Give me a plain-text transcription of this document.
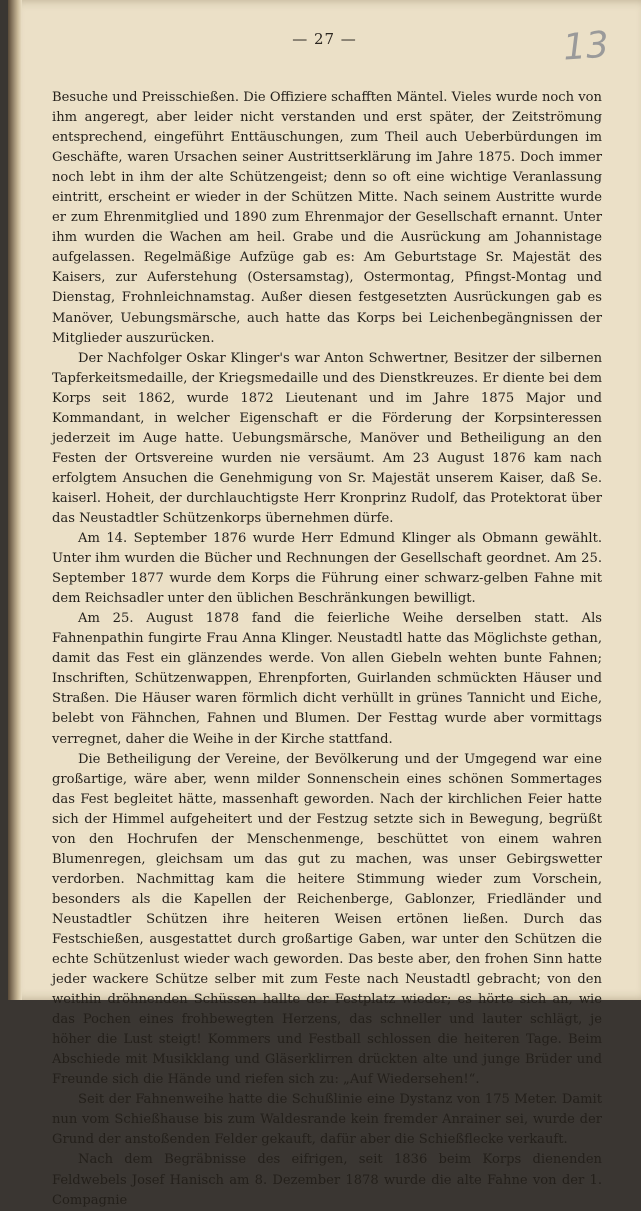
— 27 —	13

Besuche und Preisschießen. Die Offiziere schafften Mäntel. Vieles wurde noch von ihm angeregt, aber leider nicht verstanden und erst später, der Zeitströmung entsprechend, eingeführt Enttäuschungen, zum Theil auch Ueberbürdungen im Geschäfte, waren Ursachen seiner Austrittserklärung im Jahre 1875. Doch immer noch lebt in ihm der alte Schützengeist; denn so oft eine wichtige Veranlassung eintritt, erscheint er wieder in der Schützen Mitte. Nach seinem Austritte wurde er zum Ehrenmitglied und 1890 zum Ehrenmajor der Gesellschaft ernannt. Unter ihm wurden die Wachen am heil. Grabe und die Ausrückung am Johannistage aufgelassen. Regelmäßige Aufzüge gab es: Am Geburtstage Sr. Majestät des Kaisers, zur Auferstehung (Ostersamstag), Ostermontag, Pfingst-Montag und Dienstag, Frohnleichnamstag. Außer diesen festgesetzten Ausrückungen gab es Manöver, Uebungsmärsche, auch hatte das Korps bei Leichenbegängnissen der Mitglieder auszurücken.

Der Nachfolger Oskar Klinger's war Anton Schwertner, Besitzer der silbernen Tapferkeitsmedaille, der Kriegsmedaille und des Dienstkreuzes. Er diente bei dem Korps seit 1862, wurde 1872 Lieutenant und im Jahre 1875 Major und Kommandant, in welcher Eigenschaft er die Förderung der Korpsinteressen jederzeit im Auge hatte. Uebungsmärsche, Manöver und Betheiligung an den Festen der Ortsvereine wurden nie versäumt. Am 23 August 1876 kam nach erfolgtem Ansuchen die Genehmigung von Sr. Majestät unserem Kaiser, daß Se. kaiserl. Hoheit, der durchlauchtigste Herr Kronprinz Rudolf, das Protektorat über das Neustadtler Schützenkorps übernehmen dürfe.

Am 14. September 1876 wurde Herr Edmund Klinger als Obmann gewählt. Unter ihm wurden die Bücher und Rechnungen der Gesellschaft geordnet. Am 25. September 1877 wurde dem Korps die Führung einer schwarz-gelben Fahne mit dem Reichsadler unter den üblichen Beschränkungen bewilligt.

Am 25. August 1878 fand die feierliche Weihe derselben statt. Als Fahnenpathin fungirte Frau Anna Klinger. Neustadtl hatte das Möglichste gethan, damit das Fest ein glänzendes werde. Von allen Giebeln wehten bunte Fahnen; Inschriften, Schützenwappen, Ehrenpforten, Guirlanden schmückten Häuser und Straßen. Die Häuser waren förmlich dicht verhüllt in grünes Tannicht und Eiche, belebt von Fähnchen, Fahnen und Blumen. Der Festtag wurde aber vormittags verregnet, daher die Weihe in der Kirche stattfand.

Die Betheiligung der Vereine, der Bevölkerung und der Umgegend war eine großartige, wäre aber, wenn milder Sonnenschein eines schönen Sommertages das Fest begleitet hätte, massenhaft geworden. Nach der kirchlichen Feier hatte sich der Himmel aufgeheitert und der Festzug setzte sich in Bewegung, begrüßt von den Hochrufen der Menschenmenge, beschüttet von einem wahren Blumenregen, gleichsam um das gut zu machen, was unser Gebirgswetter verdorben. Nachmittag kam die heitere Stimmung wieder zum Vorschein, besonders als die Kapellen der Reichenberge, Gablonzer, Friedländer und Neustadtler Schützen ihre heiteren Weisen ertönen ließen. Durch das Festschießen, ausgestattet durch großartige Gaben, war unter den Schützen die echte Schützenlust wieder wach geworden. Das beste aber, den frohen Sinn hatte jeder wackere Schütze selber mit zum Feste nach Neustadtl gebracht; von den weithin dröhnenden Schüssen hallte der Festplatz wieder; es hörte sich an, wie das Pochen eines frohbewegten Herzens, das schneller und lauter schlägt, je höher die Lust steigt! Kommers und Festball schlossen die heiteren Tage. Beim Abschiede mit Musikklang und Gläserklirren drückten alte und junge Brüder und Freunde sich die Hände und riefen sich zu: „Auf Wiedersehen!“.

Seit der Fahnenweihe hatte die Schußlinie eine Dystanz von 175 Meter. Damit nun vom Schießhause bis zum Waldesrande kein fremder Anrainer sei, wurde der Grund der anstoßenden Felder gekauft, dafür aber die Schießflecke verkauft.

Nach dem Begräbnisse des eifrigen, seit 1836 beim Korps dienenden Feldwebels Josef Hanisch am 8. Dezember 1878 wurde die alte Fahne von der 1. Compagnie
